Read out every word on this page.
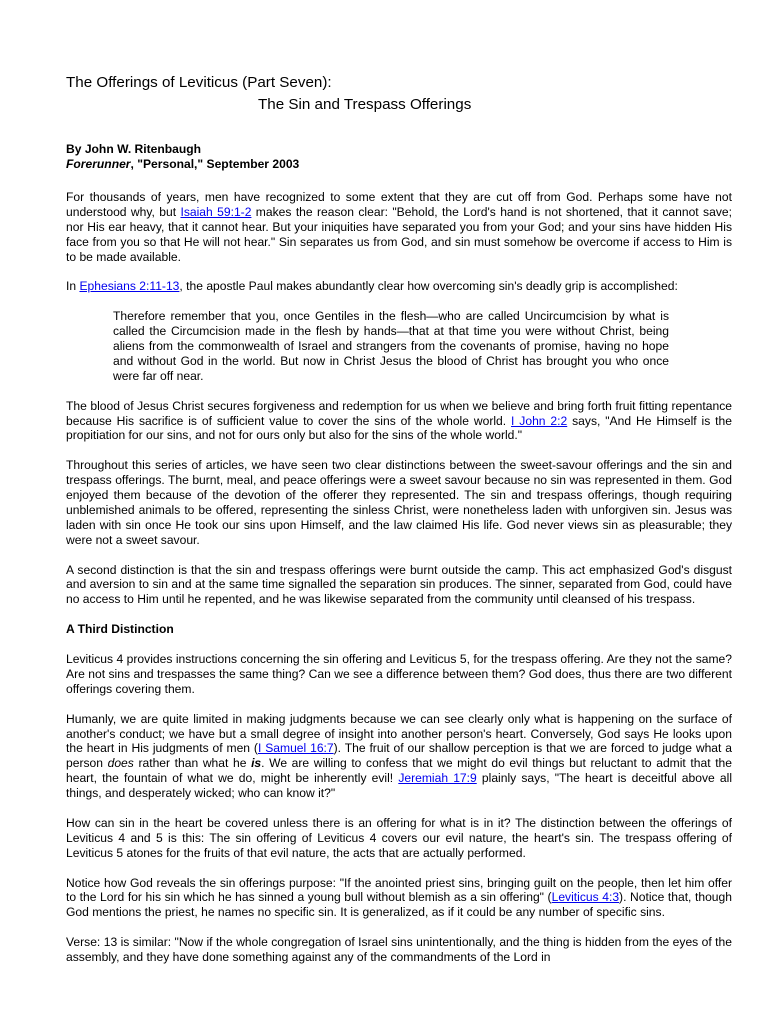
The Offerings of Leviticus (Part Seven):
The Sin and Trespass Offerings
By John W. Ritenbaugh
Forerunner, "Personal," September 2003

For thousands of years, men have recognized to some extent that they are cut off from God. Perhaps some have not understood why, but Isaiah 59:1-2 makes the reason clear: "Behold, the Lord's hand is not shortened, that it cannot save; nor His ear heavy, that it cannot hear. But your iniquities have separated you from your God; and your sins have hidden His face from you so that He will not hear." Sin separates us from God, and sin must somehow be overcome if access to Him is to be made available.

In Ephesians 2:11-13, the apostle Paul makes abundantly clear how overcoming sin's deadly grip is accomplished:

Therefore remember that you, once Gentiles in the flesh—who are called Uncircumcision by what is called the Circumcision made in the flesh by hands—that at that time you were without Christ, being aliens from the commonwealth of Israel and strangers from the covenants of promise, having no hope and without God in the world. But now in Christ Jesus the blood of Christ has brought you who once were far off near.

The blood of Jesus Christ secures forgiveness and redemption for us when we believe and bring forth fruit fitting repentance because His sacrifice is of sufficient value to cover the sins of the whole world. I John 2:2 says, "And He Himself is the propitiation for our sins, and not for ours only but also for the sins of the whole world."

Throughout this series of articles, we have seen two clear distinctions between the sweet-savour offerings and the sin and trespass offerings. The burnt, meal, and peace offerings were a sweet savour because no sin was represented in them. God enjoyed them because of the devotion of the offerer they represented. The sin and trespass offerings, though requiring unblemished animals to be offered, representing the sinless Christ, were nonetheless laden with unforgiven sin. Jesus was laden with sin once He took our sins upon Himself, and the law claimed His life. God never views sin as pleasurable; they were not a sweet savour.

A second distinction is that the sin and trespass offerings were burnt outside the camp. This act emphasized God's disgust and aversion to sin and at the same time signalled the separation sin produces. The sinner, separated from God, could have no access to Him until he repented, and he was likewise separated from the community until cleansed of his trespass.

A Third Distinction

Leviticus 4 provides instructions concerning the sin offering and Leviticus 5, for the trespass offering. Are they not the same? Are not sins and trespasses the same thing? Can we see a difference between them? God does, thus there are two different offerings covering them.

Humanly, we are quite limited in making judgments because we can see clearly only what is happening on the surface of another's conduct; we have but a small degree of insight into another person's heart. Conversely, God says He looks upon the heart in His judgments of men (I Samuel 16:7). The fruit of our shallow perception is that we are forced to judge what a person does rather than what he is. We are willing to confess that we might do evil things but reluctant to admit that the heart, the fountain of what we do, might be inherently evil! Jeremiah 17:9 plainly says, "The heart is deceitful above all things, and desperately wicked; who can know it?"

How can sin in the heart be covered unless there is an offering for what is in it? The distinction between the offerings of Leviticus 4 and 5 is this: The sin offering of Leviticus 4 covers our evil nature, the heart's sin. The trespass offering of Leviticus 5 atones for the fruits of that evil nature, the acts that are actually performed.

Notice how God reveals the sin offerings purpose: "If the anointed priest sins, bringing guilt on the people, then let him offer to the Lord for his sin which he has sinned a young bull without blemish as a sin offering" (Leviticus 4:3). Notice that, though God mentions the priest, he names no specific sin. It is generalized, as if it could be any number of specific sins.

Verse: 13 is similar: "Now if the whole congregation of Israel sins unintentionally, and the thing is hidden from the eyes of the assembly, and they have done something against any of the commandments of the Lord in
